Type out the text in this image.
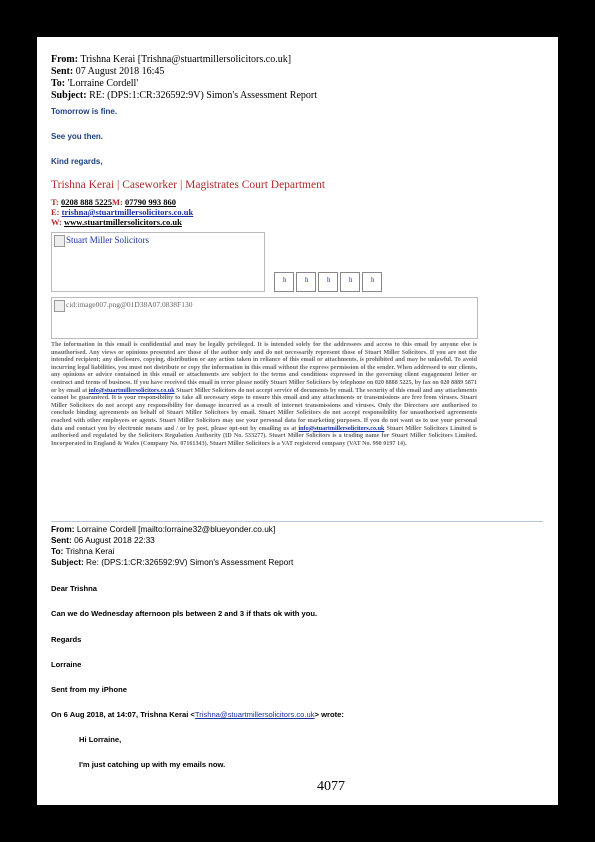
From: Trishna Kerai [Trishna@stuartmillersolicitors.co.uk]
Sent: 07 August 2018 16:45
To: 'Lorraine Cordell'
Subject: RE: (DPS:1:CR:326592:9V) Simon's Assessment Report
Tomorrow is fine.
See you then.
Kind regards,
Trishna Kerai | Caseworker | Magistrates Court Department
T: 0208 888 5225M: 07790 993 860
E: trishna@stuartmillersolicitors.co.uk
W: www.stuartmillersolicitors.co.uk
Stuart Miller Solicitors
h	h	h	h	h
cid:image007.png@01D38A07.0838F130
The information in this email is confidential and may be legally privileged. It is intended solely for the addressees and access to this email by anyone else is unauthorised. Any views or opinions presented are those of the author only and do not necessarily represent those of Stuart Miller Solicitors. If you are not the intended recipient; any disclosure, copying, distribution or any action taken in reliance of this email or attachments, is prohibited and may be unlawful. To avoid incurring legal liabilities, you must not distribute or copy the information in this email without the express permission of the sender. When addressed to our clients, any opinions or advice contained in this email or attachments are subject to the terms and conditions expressed in the governing client engagement letter or contract and terms of business. If you have received this email in error please notify Stuart Miller Solicitors by telephone on 020 8888 5225, by fax on 020 8889 5871 or by email at info@stuartmillersolicitors.co.uk Stuart Miller Solicitors do not accept service of documents by email. The security of this email and any attachments cannot be guaranteed. It is your responsibility to take all necessary steps to ensure this email and any attachments or transmissions are free from viruses. Stuart Miller Solicitors do not accept any responsibility for damage incurred as a result of internet transmissions and viruses. Only the Directors are authorised to conclude binding agreements on behalf of Stuart Miller Solicitors by email. Stuart Miller Solicitors do not accept responsibility for unauthorised agreements reached with other employees or agents. Stuart Miller Solicitors may use your personal data for marketing purposes. If you do not want us to use your personal data and contact you by electronic means and / or by post, please opt-out by emailing us at info@stuartmillersolicitors.co.uk Stuart Miller Solicitors Limited is authorised and regulated by the Solicitors Regulation Authority (ID No. 533277). Stuart Miller Solicitors is a trading name for Stuart Miller Solicitors Limited. Incorporated in England & Wales (Company No. 07161343). Stuart Miller Solicitors is a VAT registered company (VAT No. 990 0197 14).
From: Lorraine Cordell [mailto:lorraine32@blueyonder.co.uk]
Sent: 06 August 2018 22:33
To: Trishna Kerai
Subject: Re: (DPS:1:CR:326592:9V) Simon's Assessment Report
Dear Trishna
Can we do Wednesday afternoon pls between 2 and 3 if thats ok with you.
Regards
Lorraine
Sent from my iPhone
On 6 Aug 2018, at 14:07, Trishna Kerai <Trishna@stuartmillersolicitors.co.uk> wrote:
Hi Lorraine,
I'm just catching up with my emails now.
4077
